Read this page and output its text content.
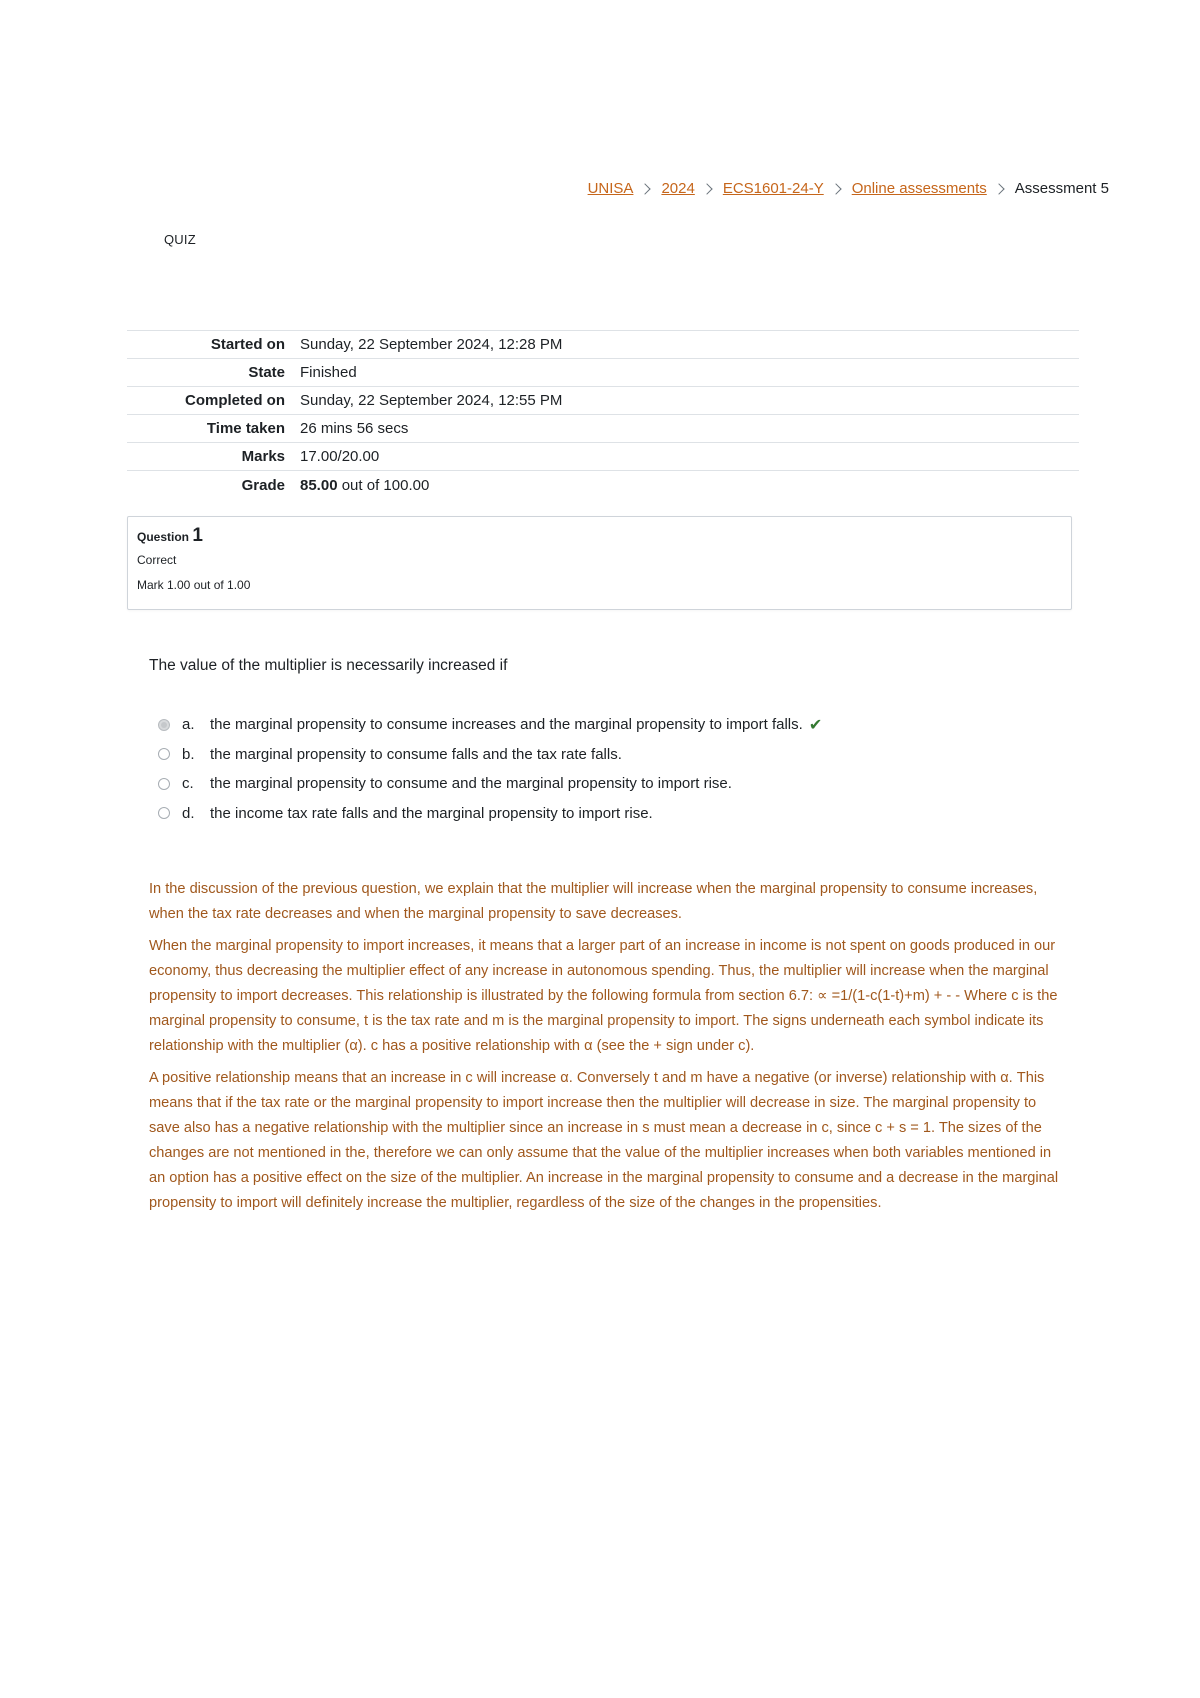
UNISA 2024 ECS1601-24-Y Online assessments Assessment 5
QUIZ
Started on	Sunday, 22 September 2024, 12:28 PM
State	Finished
Completed on	Sunday, 22 September 2024, 12:55 PM
Time taken	26 mins 56 secs
Marks	17.00/20.00
Grade	85.00 out of 100.00
Question 1
Correct
Mark 1.00 out of 1.00
The value of the multiplier is necessarily increased if
a.	the marginal propensity to consume increases and the marginal propensity to import falls. ✔
b.	the marginal propensity to consume falls and the tax rate falls.
c.	the marginal propensity to consume and the marginal propensity to import rise.
d.	the income tax rate falls and the marginal propensity to import rise.

In the discussion of the previous question, we explain that the multiplier will increase when the marginal propensity to consume increases, when the tax rate decreases and when the marginal propensity to save decreases.

When the marginal propensity to import increases, it means that a larger part of an increase in income is not spent on goods produced in our economy, thus decreasing the multiplier effect of any increase in autonomous spending. Thus, the multiplier will increase when the marginal propensity to import decreases. This relationship is illustrated by the following formula from section 6.7: ∝ =1/(1-c(1-t)+m) + - - Where c is the marginal propensity to consume, t is the tax rate and m is the marginal propensity to import. The signs underneath each symbol indicate its relationship with the multiplier (α). c has a positive relationship with α (see the + sign under c).

A positive relationship means that an increase in c will increase α. Conversely t and m have a negative (or inverse) relationship with α. This means that if the tax rate or the marginal propensity to import increase then the multiplier will decrease in size. The marginal propensity to save also has a negative relationship with the multiplier since an increase in s must mean a decrease in c, since c + s = 1. The sizes of the changes are not mentioned in the, therefore we can only assume that the value of the multiplier increases when both variables mentioned in an option has a positive effect on the size of the multiplier. An increase in the marginal propensity to consume and a decrease in the marginal propensity to import will definitely increase the multiplier, regardless of the size of the changes in the propensities.
